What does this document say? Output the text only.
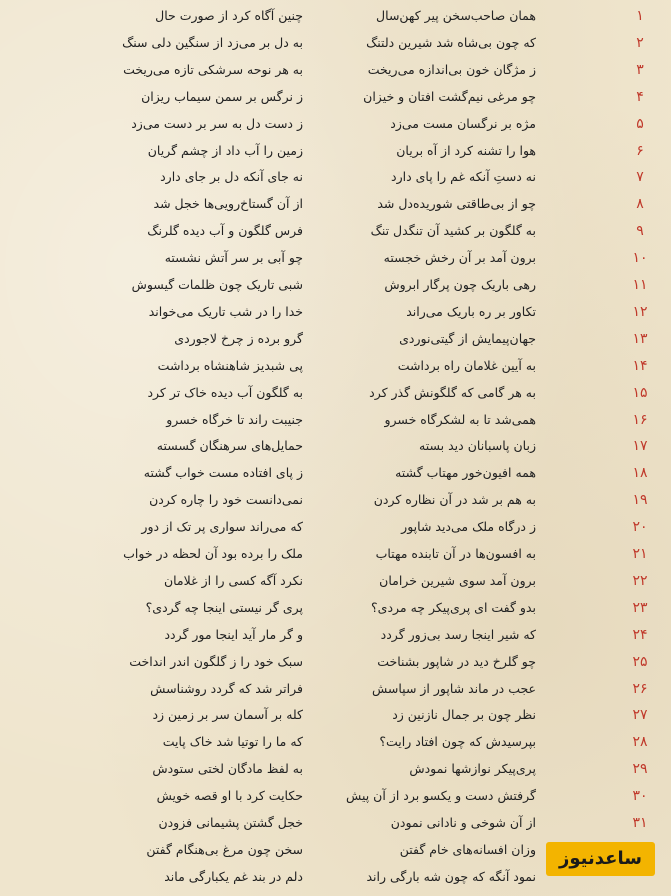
۱
همان صاحب‌سخن پیر کهن‌سال
چنین آگاه کرد از صورت حال
۲
که چون بی‌شاه شد شیرین دلتنگ
به دل بر می‌زد از سنگین دلی سنگ
۳
ز مژگان خون بی‌اندازه می‌ریخت
به هر نوحه سرشکی تازه می‌ریخت
۴
چو مرغی نیم‌گشت افتان و خیزان
ز نرگس بر سمن سیماب ریزان
۵
مژه بر نرگسان مست می‌زد
ز دست دل به سر بر دست می‌زد
۶
هوا را تشنه کرد از آه بریان
زمین را آب داد از چشم گریان
۷
نه دستِ آنکه غم را پای دارد
نه جای آنکه دل بر جای دارد
۸
چو از بی‌طاقتی شوریده‌دل شد
از آن گستاخ‌رویی‌ها خجل شد
۹
به گلگون بر کشید آن تنگدل تنگ
فرس گلگون و آب دیده گلرنگ
۱۰
برون آمد بر آن رخش خجسته
چو آبی بر سر آتش نشسته
۱۱
رهی باریک چون پرگار ابروش
شبی تاریک چون ظلمات گیسوش
۱۲
تکاور بر ره باریک می‌راند
خدا را در شب تاریک می‌خواند
۱۳
جهان‌پیمایش از گیتی‌نوردی
گرو برده ز چرخ لاجوردی
۱۴
به آیین غلامان راه برداشت
پی شبدیز شاهنشاه برداشت
۱۵
به هر گامی که گلگونش گذر کرد
به گلگون آب دیده خاک تر کرد
۱۶
همی‌شد تا به لشکرگاه خسرو
جنیبت راند تا خرگاه خسرو
۱۷
زبان پاسبانان دید بسته
حمایل‌های سرهنگان گسسته
۱۸
همه افیون‌خور مهتاب گشته
ز پای افتاده مست خواب گشته
۱۹
به هم بر شد در آن نظاره کردن
نمی‌دانست خود را چاره کردن
۲۰
ز درگاه ملک می‌دید شاپور
که می‌راند سواری پر تک از دور
۲۱
به افسون‌ها در آن تابنده مهتاب
ملک را برده بود آن لحظه در خواب
۲۲
برون آمد سوی شیرین خرامان
نکرد آگه کسی را از غلامان
۲۳
بدو گفت ای پری‌پیکر چه مردی؟
پری گر نیستی اینجا چه گردی؟
۲۴
که شیر اینجا رسد بی‌زور گردد
و گر مار آید اینجا مور گردد
۲۵
چو گلرخ دید در شاپور بشناخت
سبک خود را ز گلگون اندر انداخت
۲۶
عجب در ماند شاپور از سپاسش
فراتر شد که گردد روشناسش
۲۷
نظر چون بر جمال نازنین زد
کله بر آسمان سر بر زمین زد
۲۸
بپرسیدش که چون افتاد رایت؟
که ما را توتیا شد خاک پایت
۲۹
پری‌پیکر نوازشها نمودش
به لفظ مادگان لختی ستودش
۳۰
گرفتش دست و یکسو برد از آن پیش
حکایت کرد با او قصه خویش
۳۱
از آن شوخی و نادانی نمودن
خجل گشتن پشیمانی فزودن
وزان افسانه‌های خام گفتن
سخن چون مرغ بی‌هنگام گفتن
نمود آنگه که چون شه بارگی راند
دلم در بند غم یکبارگی ماند
ساعدنیوز
